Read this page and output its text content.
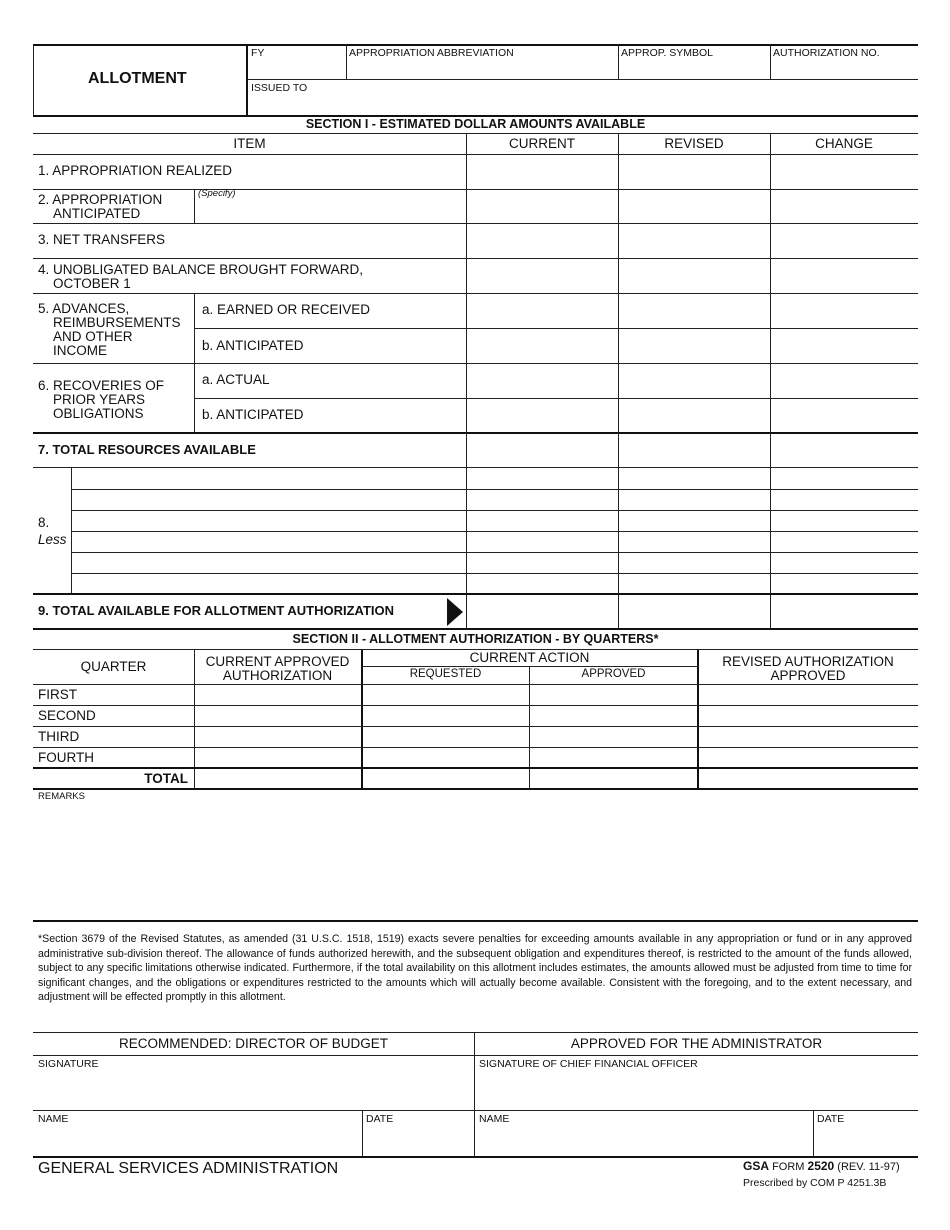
ALLOTMENT
FY	APPROPRIATION ABBREVIATION	APPROP. SYMBOL	AUTHORIZATION NO.
ISSUED TO
SECTION I - ESTIMATED DOLLAR AMOUNTS AVAILABLE
ITEM	CURRENT	REVISED	CHANGE
1. APPROPRIATION REALIZED
2. APPROPRIATION
ANTICIPATED
(Specify)
3. NET TRANSFERS
4. UNOBLIGATED BALANCE BROUGHT FORWARD,
OCTOBER 1
5. ADVANCES,
REIMBURSEMENTS
AND OTHER
INCOME
a. EARNED OR RECEIVED
b. ANTICIPATED
6. RECOVERIES OF
PRIOR YEARS
OBLIGATIONS
a. ACTUAL
b. ANTICIPATED
7. TOTAL RESOURCES AVAILABLE
8.
Less
9. TOTAL AVAILABLE FOR ALLOTMENT AUTHORIZATION
SECTION II - ALLOTMENT AUTHORIZATION - BY QUARTERS*
QUARTER	CURRENT APPROVED
AUTHORIZATION
CURRENT ACTION
REQUESTED	APPROVED
REVISED AUTHORIZATION
APPROVED
FIRST
SECOND
THIRD
FOURTH
TOTAL
REMARKS
*Section 3679 of the Revised Statutes, as amended (31 U.S.C. 1518, 1519) exacts severe penalties for exceeding amounts available in any appropriation or fund or in any approved administrative sub-division thereof. The allowance of funds authorized herewith, and the subsequent obligation and expenditures thereof, is restricted to the amount of the funds allowed, subject to any specific limitations otherwise indicated. Furthermore, if the total availability on this allotment includes estimates, the amounts allowed must be adjusted from time to time for significant changes, and the obligations or expenditures restricted to the amounts which will actually become available. Consistent with the foregoing, and to the extent necessary, and adjustment will be effected promptly in this allotment.
RECOMMENDED: DIRECTOR OF BUDGET	APPROVED FOR THE ADMINISTRATOR
SIGNATURE	SIGNATURE OF CHIEF FINANCIAL OFFICER
NAME	DATE	NAME	DATE
GENERAL SERVICES ADMINISTRATION	GSA FORM 2520 (REV. 11-97)
Prescribed by COM P 4251.3B
